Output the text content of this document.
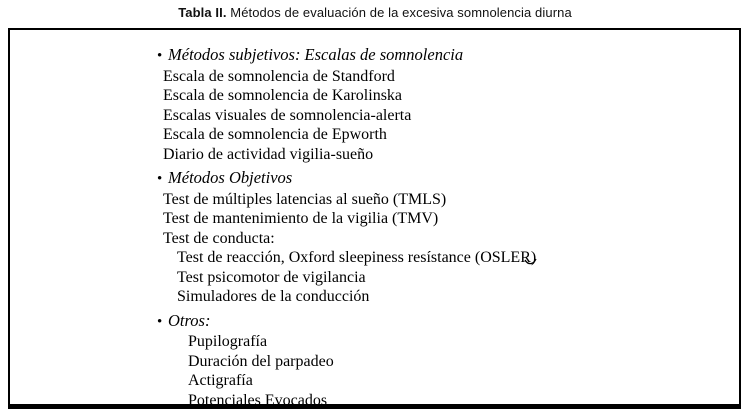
Tabla II. Métodos de evaluación de la excesiva somnolencia diurna
• Métodos subjetivos: Escalas de somnolencia
Escala de somnolencia de Standford
Escala de somnolencia de Karolinska
Escalas visuales de somnolencia-alerta
Escala de somnolencia de Epworth
Diario de actividad vigilia-sueño
• Métodos Objetivos
Test de múltiples latencias al sueño (TMLS)
Test de mantenimiento de la vigilia (TMV)
Test de conducta:
Test de reacción, Oxford sleepiness resístance (OSLER)
Test psicomotor de vigilancia
Simuladores de la conducción
• Otros:
Pupilografía
Duración del parpadeo
Actigrafía
Potenciales Evocados
